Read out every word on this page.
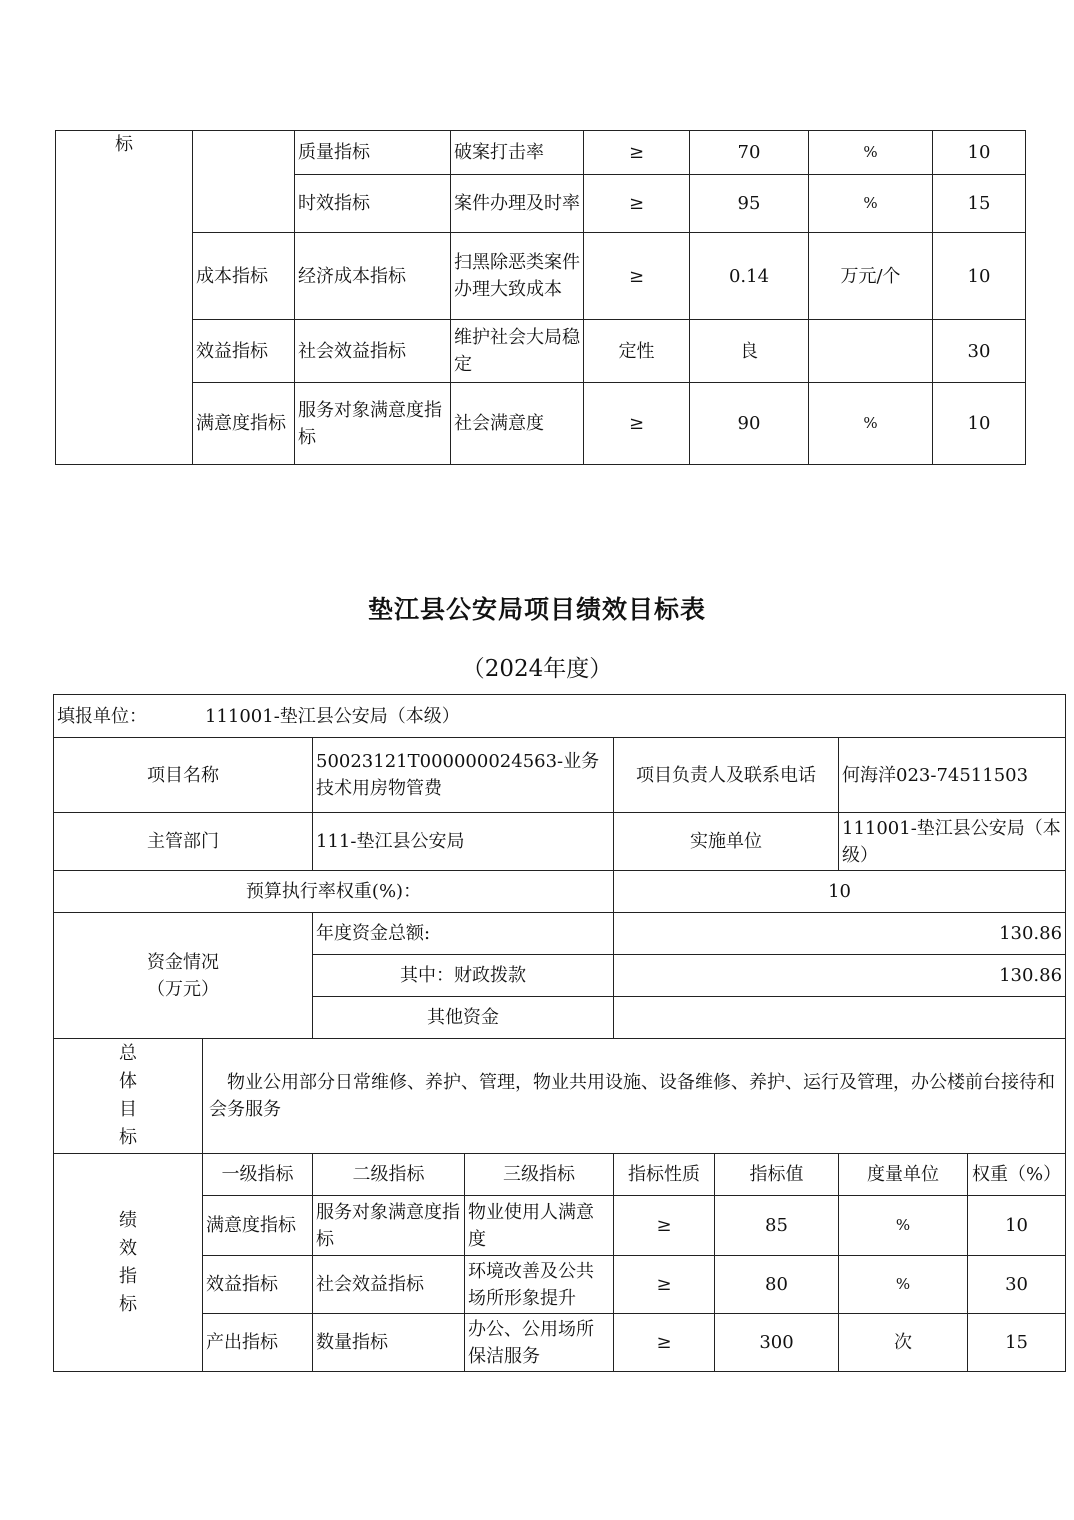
标		质量指标	破案打击率	≥	70	%	10
		时效指标	案件办理及时率	≥	95	%	15
	成本指标	经济成本指标	扫黑除恶类案件办理大致成本	≥	0.14	万元/个	10
	效益指标	社会效益指标	维护社会大局稳定	定性	良		30
	满意度指标	服务对象满意度指标	社会满意度	≥	90	%	10
垫江县公安局项目绩效目标表
（2024年度）
填报单位： 111001-垫江县公安局（本级）							
项目名称		50023121T000000024563-业务技术用房物管费		项目负责人及联系电话		何海洋023-74511503	
主管部门		111-垫江县公安局		实施单位		111001-垫江县公安局（本级）	
预算执行率权重(%)：				10			
资金情况
（万元）		年度资金总额:		130.86			
		其中：财政拨款		130.86			
		其他资金					

总
体
目
标	物业公用部分日常维修、养护、管理，物业共用设施、设备维修、养护、运行及管理，办公楼前台接待和会务服务						

绩
效
指
标	一级指标	二级指标	三级指标	指标性质	指标值	度量单位	权重（%）
	满意度指标	服务对象满意度指标	物业使用人满意度	≥	85	%	10
	效益指标	社会效益指标	环境改善及公共场所形象提升	≥	80	%	30
	产出指标	数量指标	办公、公用场所保洁服务	≥	300	次	15
